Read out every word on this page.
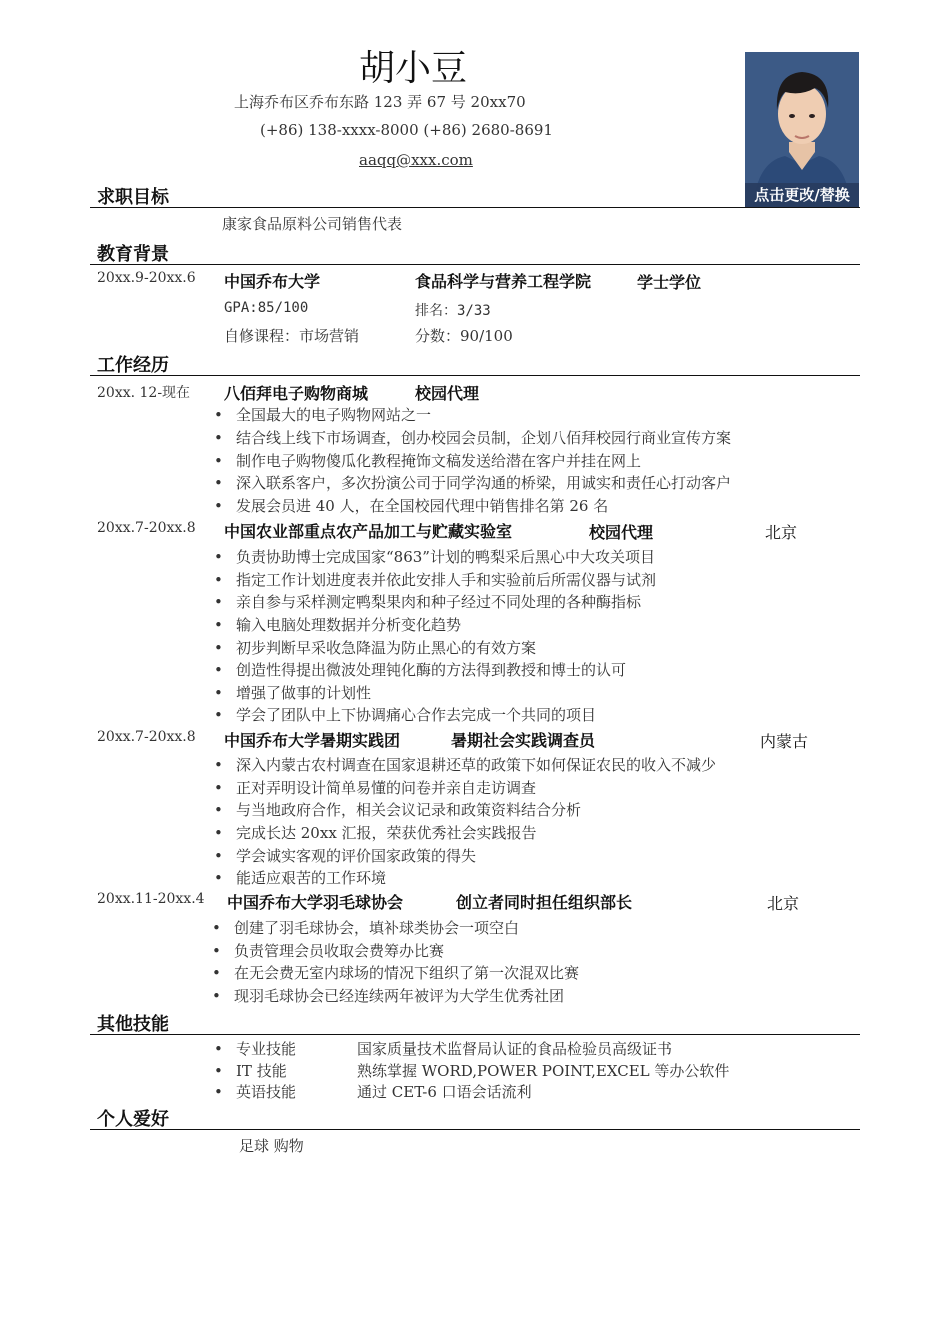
胡小豆
上海乔布区乔布东路 123 弄 67 号 20xx70
(+86) 138-xxxx-8000 (+86) 2680-8691
aaqq@xxx.com
点击更改/替换
求职目标
康家食品原料公司销售代表
教育背景
20xx.9-20xx.6 中国乔布大学	食品科学与营养工程学院	学士学位
GPA:85/100	排名：3/33
自修课程：市场营销	分数：90/100
工作经历
20xx. 12-现在 八佰拜电子购物商城	校园代理
• 全国最大的电子购物网站之一
• 结合线上线下市场调查，创办校园会员制，企划八佰拜校园行商业宣传方案
• 制作电子购物傻瓜化教程掩饰文稿发送给潜在客户并挂在网上
• 深入联系客户，多次扮演公司于同学沟通的桥梁，用诚实和责任心打动客户
• 发展会员进 40 人，在全国校园代理中销售排名第 26 名
20xx.7-20xx.8 中国农业部重点农产品加工与贮藏实验室	校园代理	北京
• 负责协助博士完成国家“863”计划的鸭梨采后黑心中大攻关项目
• 指定工作计划进度表并依此安排人手和实验前后所需仪器与试剂
• 亲自参与采样测定鸭梨果肉和种子经过不同处理的各种酶指标
• 输入电脑处理数据并分析变化趋势
• 初步判断早采收急降温为防止黑心的有效方案
• 创造性得提出微波处理钝化酶的方法得到教授和博士的认可
• 增强了做事的计划性
• 学会了团队中上下协调痛心合作去完成一个共同的项目
20xx.7-20xx.8 中国乔布大学暑期实践团	暑期社会实践调查员	内蒙古
• 深入内蒙古农村调查在国家退耕还草的政策下如何保证农民的收入不减少
• 正对弄明设计简单易懂的问卷并亲自走访调查
• 与当地政府合作，相关会议记录和政策资料结合分析
• 完成长达 20xx 汇报，荣获优秀社会实践报告
• 学会诚实客观的评价国家政策的得失
• 能适应艰苦的工作环境
20xx.11-20xx.4 中国乔布大学羽毛球协会	创立者同时担任组织部长	北京
• 创建了羽毛球协会，填补球类协会一项空白
• 负责管理会员收取会费筹办比赛
• 在无会费无室内球场的情况下组织了第一次混双比赛
• 现羽毛球协会已经连续两年被评为大学生优秀社团
其他技能
• 专业技能	国家质量技术监督局认证的食品检验员高级证书
• IT 技能	熟练掌握 WORD,POWER POINT,EXCEL 等办公软件
• 英语技能	通过 CET-6 口语会话流利
个人爱好
足球 购物
